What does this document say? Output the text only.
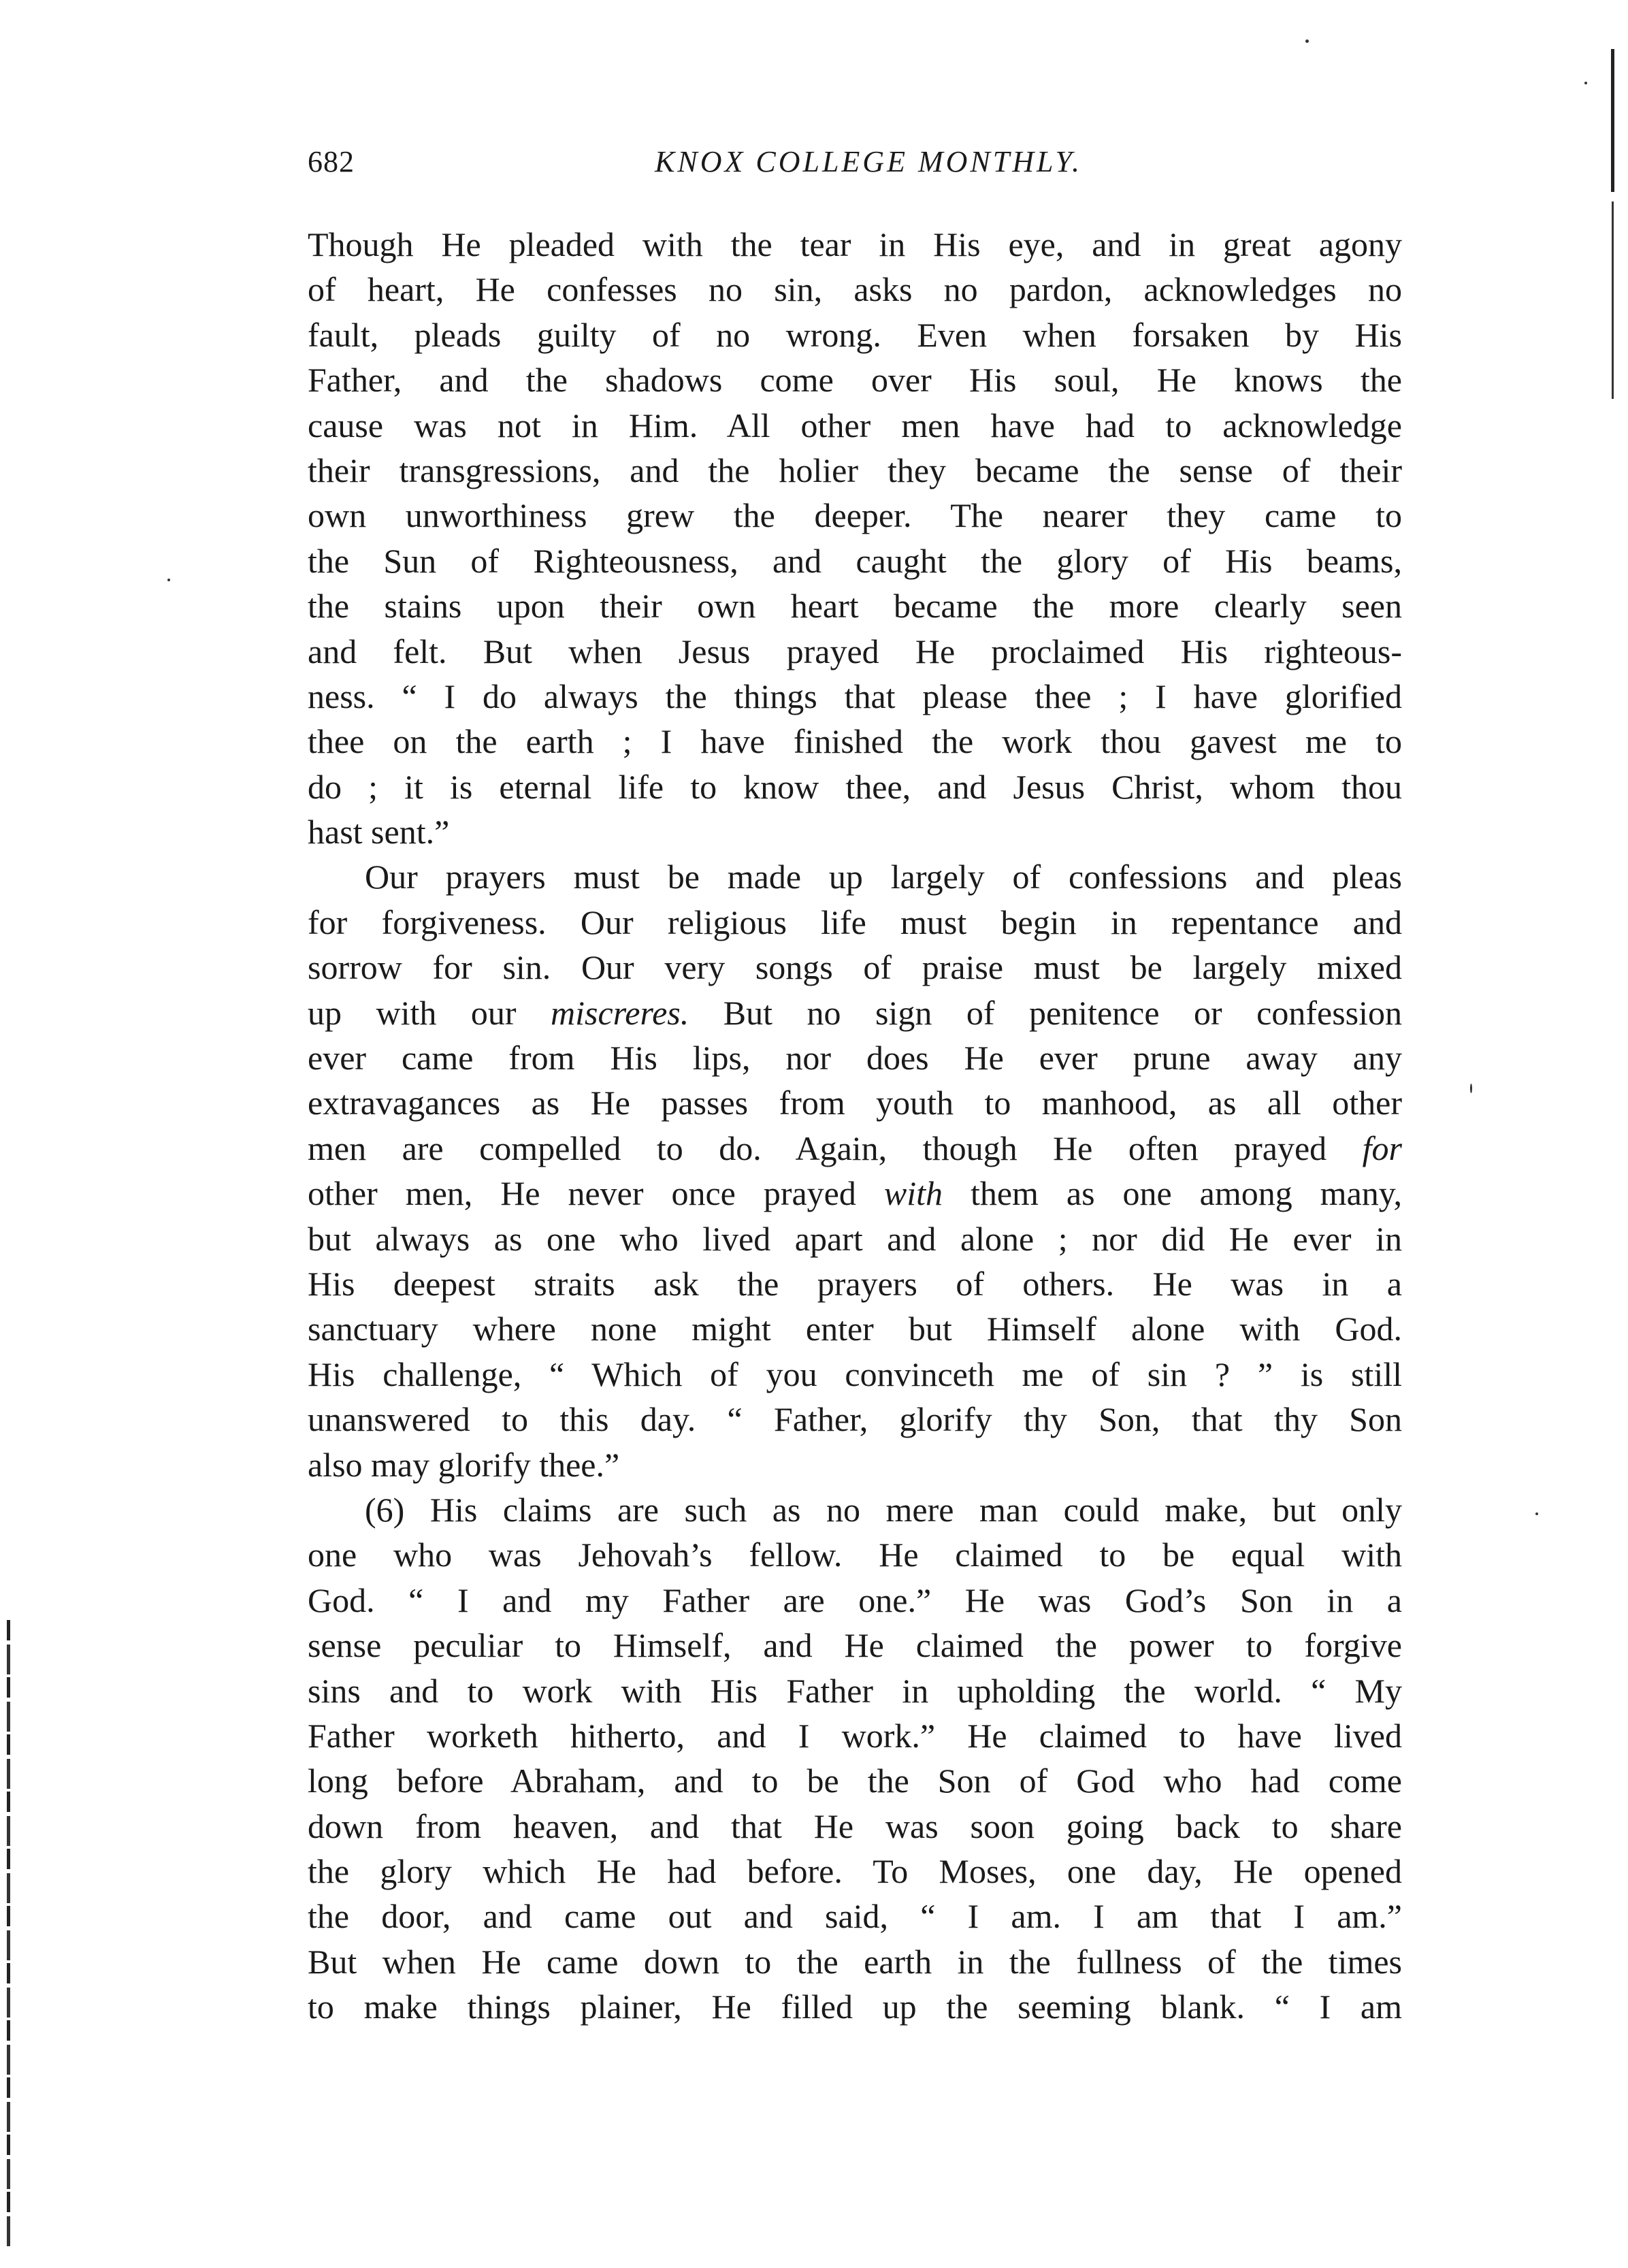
682	KNOX COLLEGE MONTHLY.
Though He pleaded with the tear in His eye, and in great agony
of heart, He confesses no sin, asks no pardon, acknowledges no
fault, pleads guilty of no wrong. Even when forsaken by His
Father, and the shadows come over His soul, He knows the
cause was not in Him. All other men have had to acknowledge
their transgressions, and the holier they became the sense of their
own unworthiness grew the deeper. The nearer they came to
the Sun of Righteousness, and caught the glory of His beams,
the stains upon their own heart became the more clearly seen
and felt. But when Jesus prayed He proclaimed His righteous-
ness. “ I do always the things that please thee ; I have glorified
thee on the earth ; I have finished the work thou gavest me to
do ; it is eternal life to know thee, and Jesus Christ, whom thou
hast sent.”
Our prayers must be made up largely of confessions and pleas
for forgiveness. Our religious life must begin in repentance and
sorrow for sin. Our very songs of praise must be largely mixed
up with our miscreres. But no sign of penitence or confession
ever came from His lips, nor does He ever prune away any
extravagances as He passes from youth to manhood, as all other
men are compelled to do. Again, though He often prayed for
other men, He never once prayed with them as one among many,
but always as one who lived apart and alone ; nor did He ever in
His deepest straits ask the prayers of others. He was in a
sanctuary where none might enter but Himself alone with God.
His challenge, “ Which of you convinceth me of sin ? ” is still
unanswered to this day. “ Father, glorify thy Son, that thy Son
also may glorify thee.”
(6) His claims are such as no mere man could make, but only
one who was Jehovah’s fellow. He claimed to be equal with
God. “ I and my Father are one.” He was God’s Son in a
sense peculiar to Himself, and He claimed the power to forgive
sins and to work with His Father in upholding the world. “ My
Father worketh hitherto, and I work.” He claimed to have lived
long before Abraham, and to be the Son of God who had come
down from heaven, and that He was soon going back to share
the glory which He had before. To Moses, one day, He opened
the door, and came out and said, “ I am. I am that I am.”
But when He came down to the earth in the fullness of the times
to make things plainer, He filled up the seeming blank. “ I am
